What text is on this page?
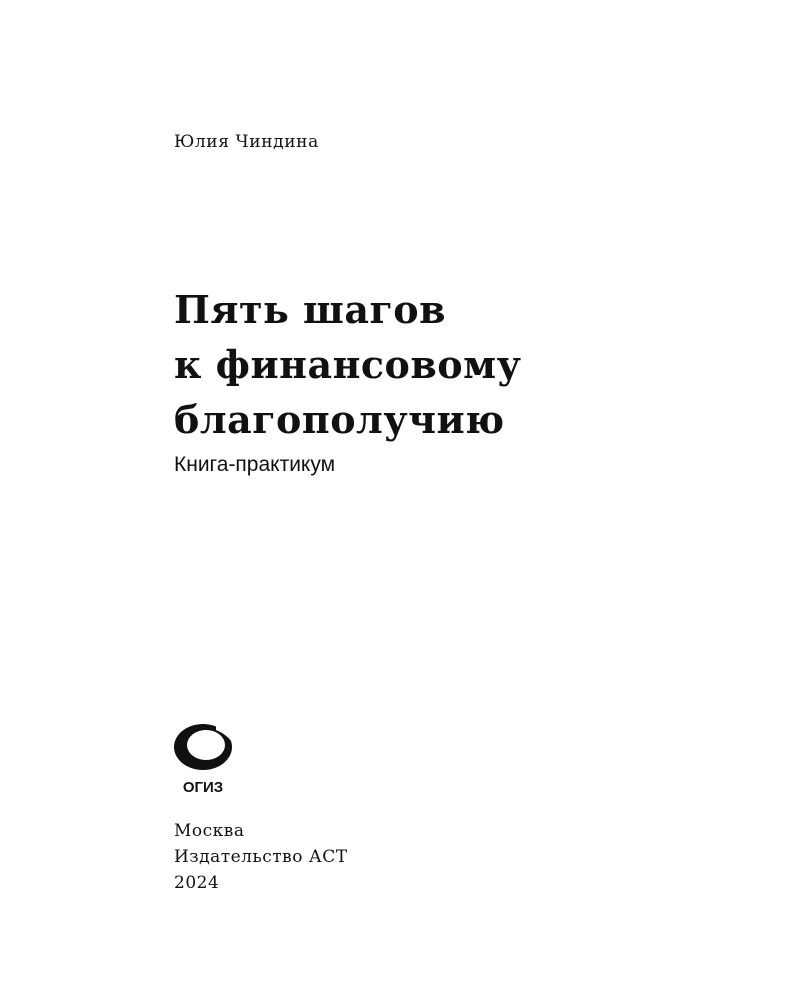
Юлия Чиндина

Пять шагов
к финансовому
благополучию

Книга-практикум

ОГИЗ

Москва
Издательство АСТ
2024
